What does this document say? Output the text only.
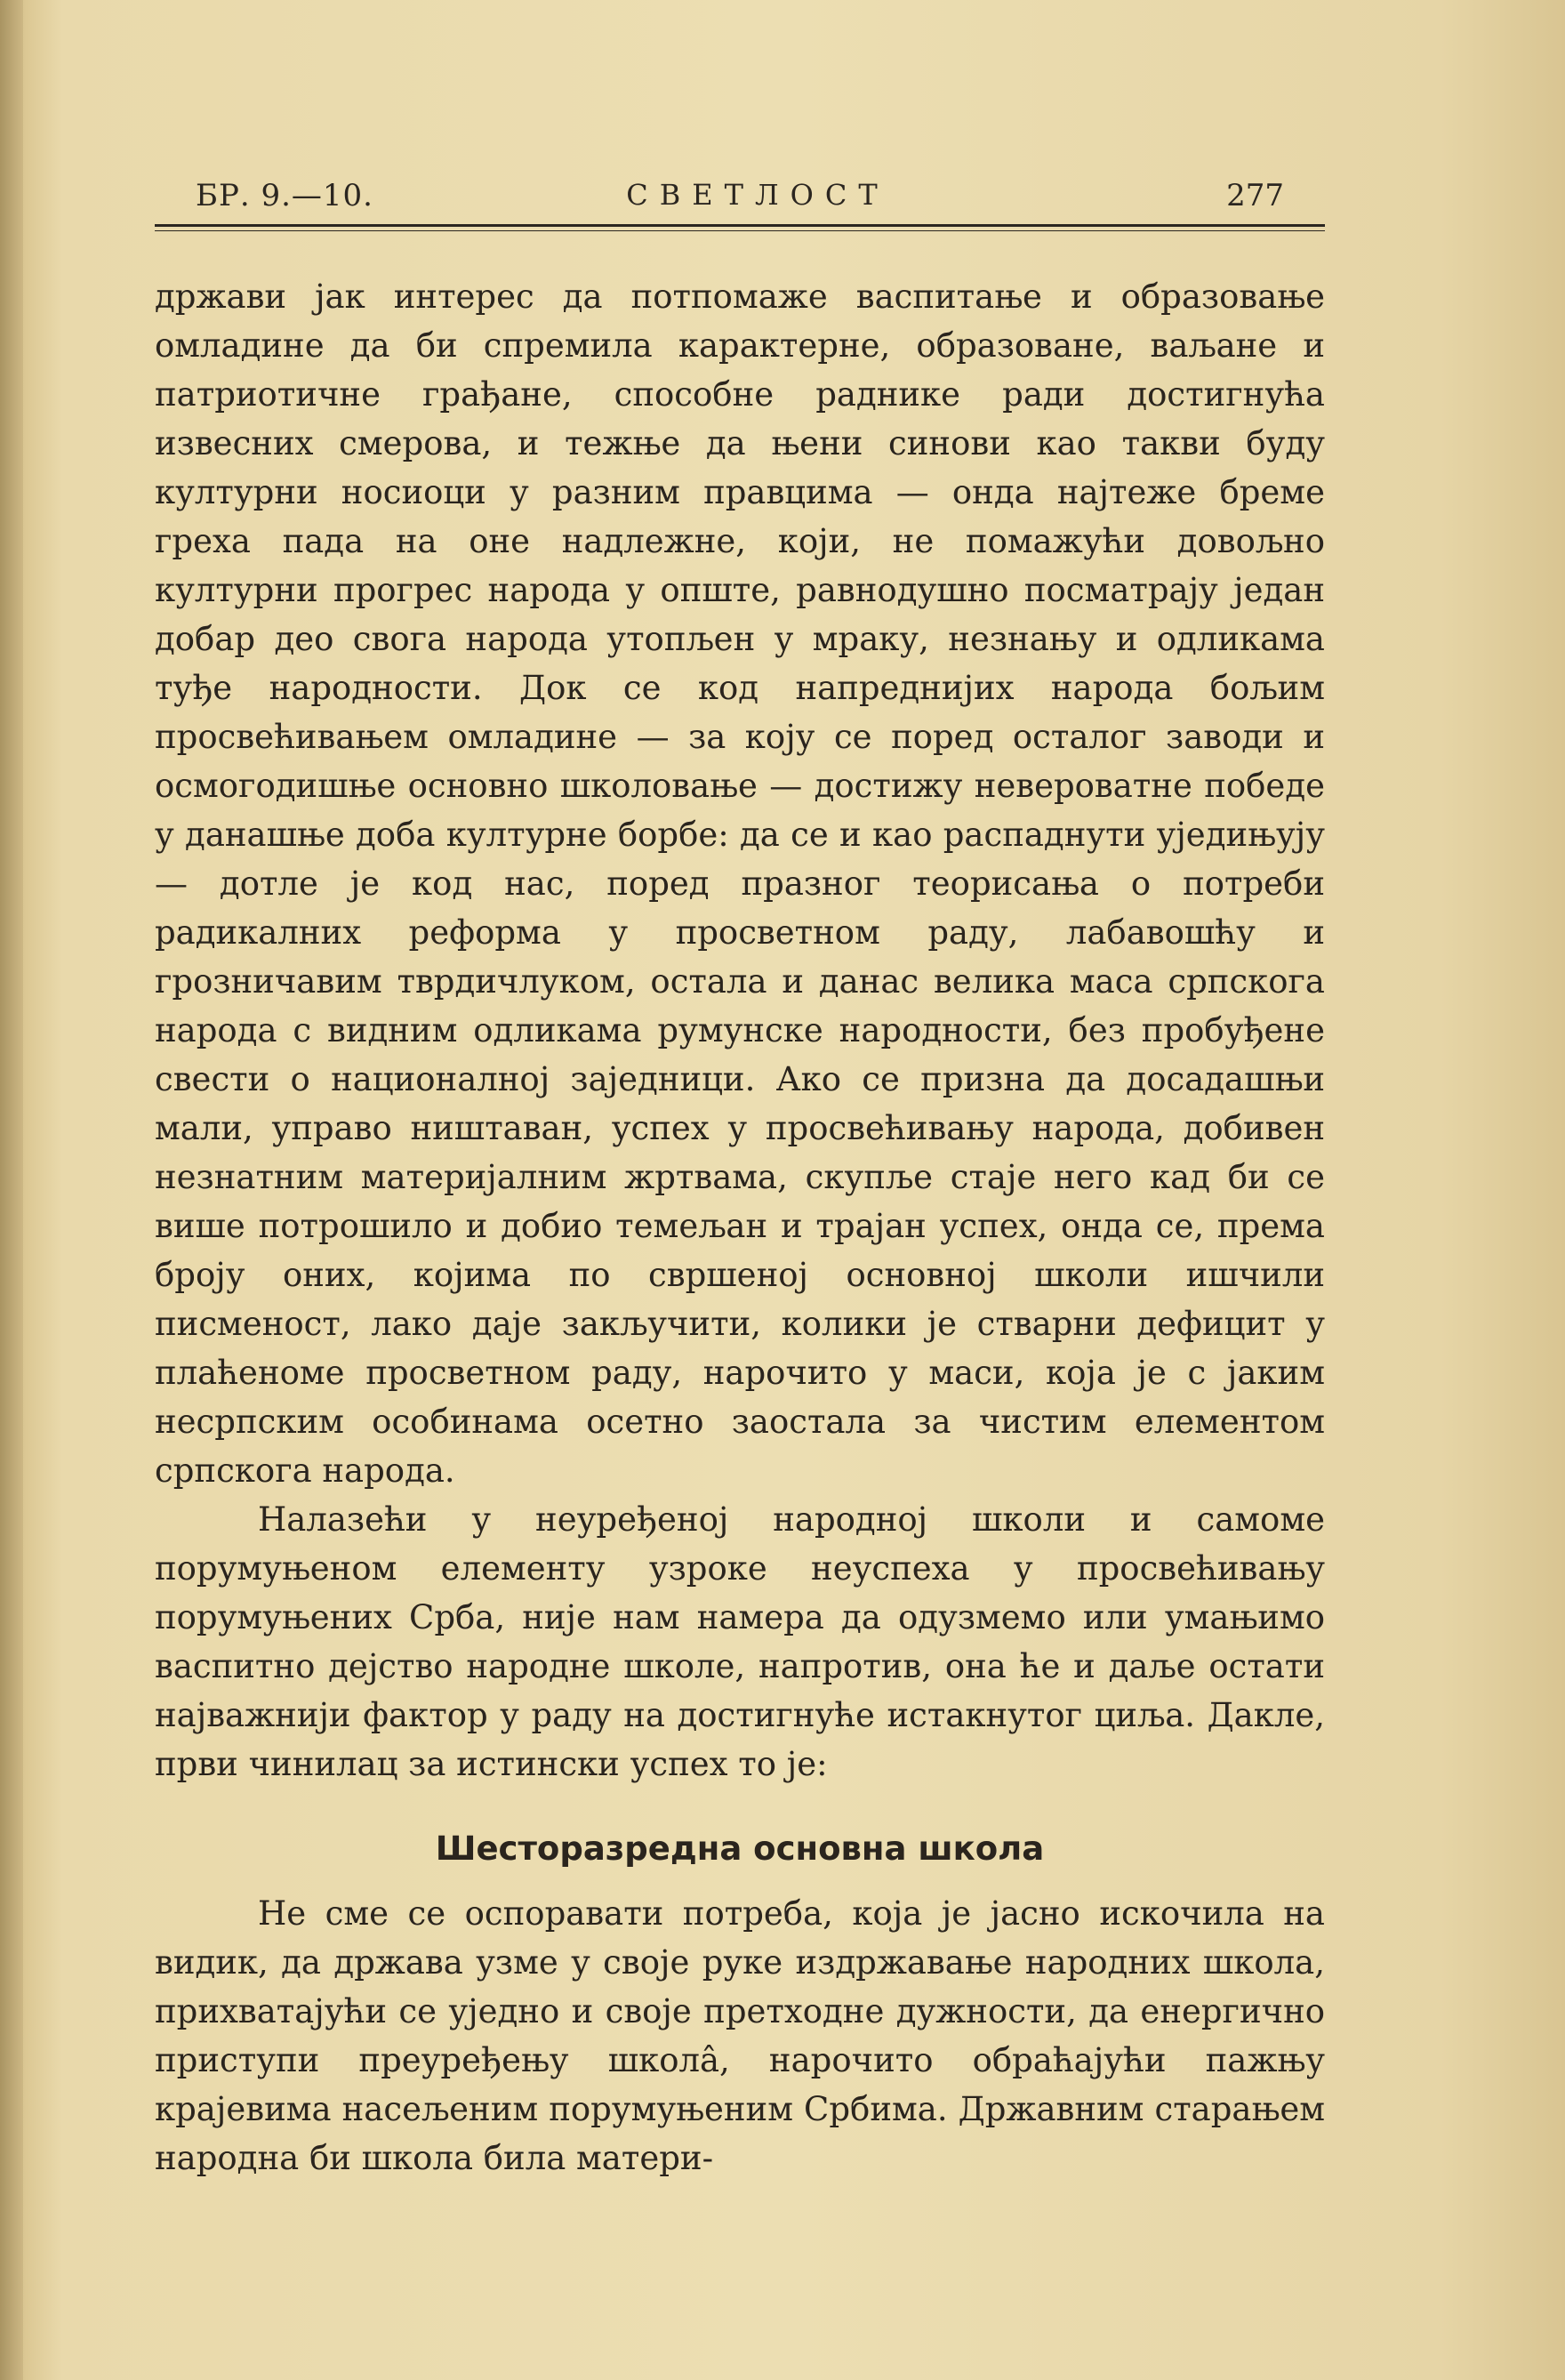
БР. 9.—10.	СВЕТЛОСТ	277

држави јак интерес да потпомаже васпитање и образовање омладине да би спремила карактерне, образоване, ваљане и патриотичне грађане, способне раднике ради достигнућа извесних смерова, и тежње да њени синови као такви буду културни носиоци у разним правцима — онда најтеже бреме греха пада на оне надлежне, који, не помажући довољно културни прогрес народа у опште, равнодушно посматрају један добар део свога народа утопљен у мраку, незнању и одликама туђе народности. Док се код напреднијих народа бољим просвећивањем омладине — за коју се поред осталог заводи и осмогодишње основно школовање — достижу невероватне победе у данашње доба културне борбе: да се и као распаднути уједињују — дотле је код нас, поред празног теорисања о потреби радикалних реформа у просветном раду, лабавошћу и грозничавим тврдичлуком, остала и данас велика маса српскога народа с видним одликама румунске народности, без пробуђене свести о националној заједници. Ако се призна да досадашњи мали, управо ништаван, успех у просвећивању народа, добивен незнатним материјалним жртвама, скупље стаје него кад би се више потрошило и добио темељан и трајан успех, онда се, према броју оних, којима по свршеној основној школи ишчили писменост, лако даје закључити, колики је стварни дефицит у плаћеноме просветном раду, нарочито у маси, која је с јаким несрпским особинама осетно заостала за чистим елементом српскога народа.

Налазећи у неуређеној народној школи и самоме порумуњеном елементу узроке неуспеха у просвећивању порумуњених Срба, није нам намера да одузмемо или умањимо васпитно дејство народне школе, напротив, она ће и даље остати најважнији фактор у раду на достигнуће истакнутог циља. Дакле, први чинилац за истински успех то је:

Шесторазредна основна школа

Не сме се оспоравати потреба, која је јасно искочила на видик, да држава узме у своје руке издржавање народних школа, прихватајући се уједно и своје претходне дужности, да енергично приступи преуређењу школâ, нарочито обраћајући пажњу крајевима насељеним порумуњеним Србима. Државним старањем народна би школа била матери-
